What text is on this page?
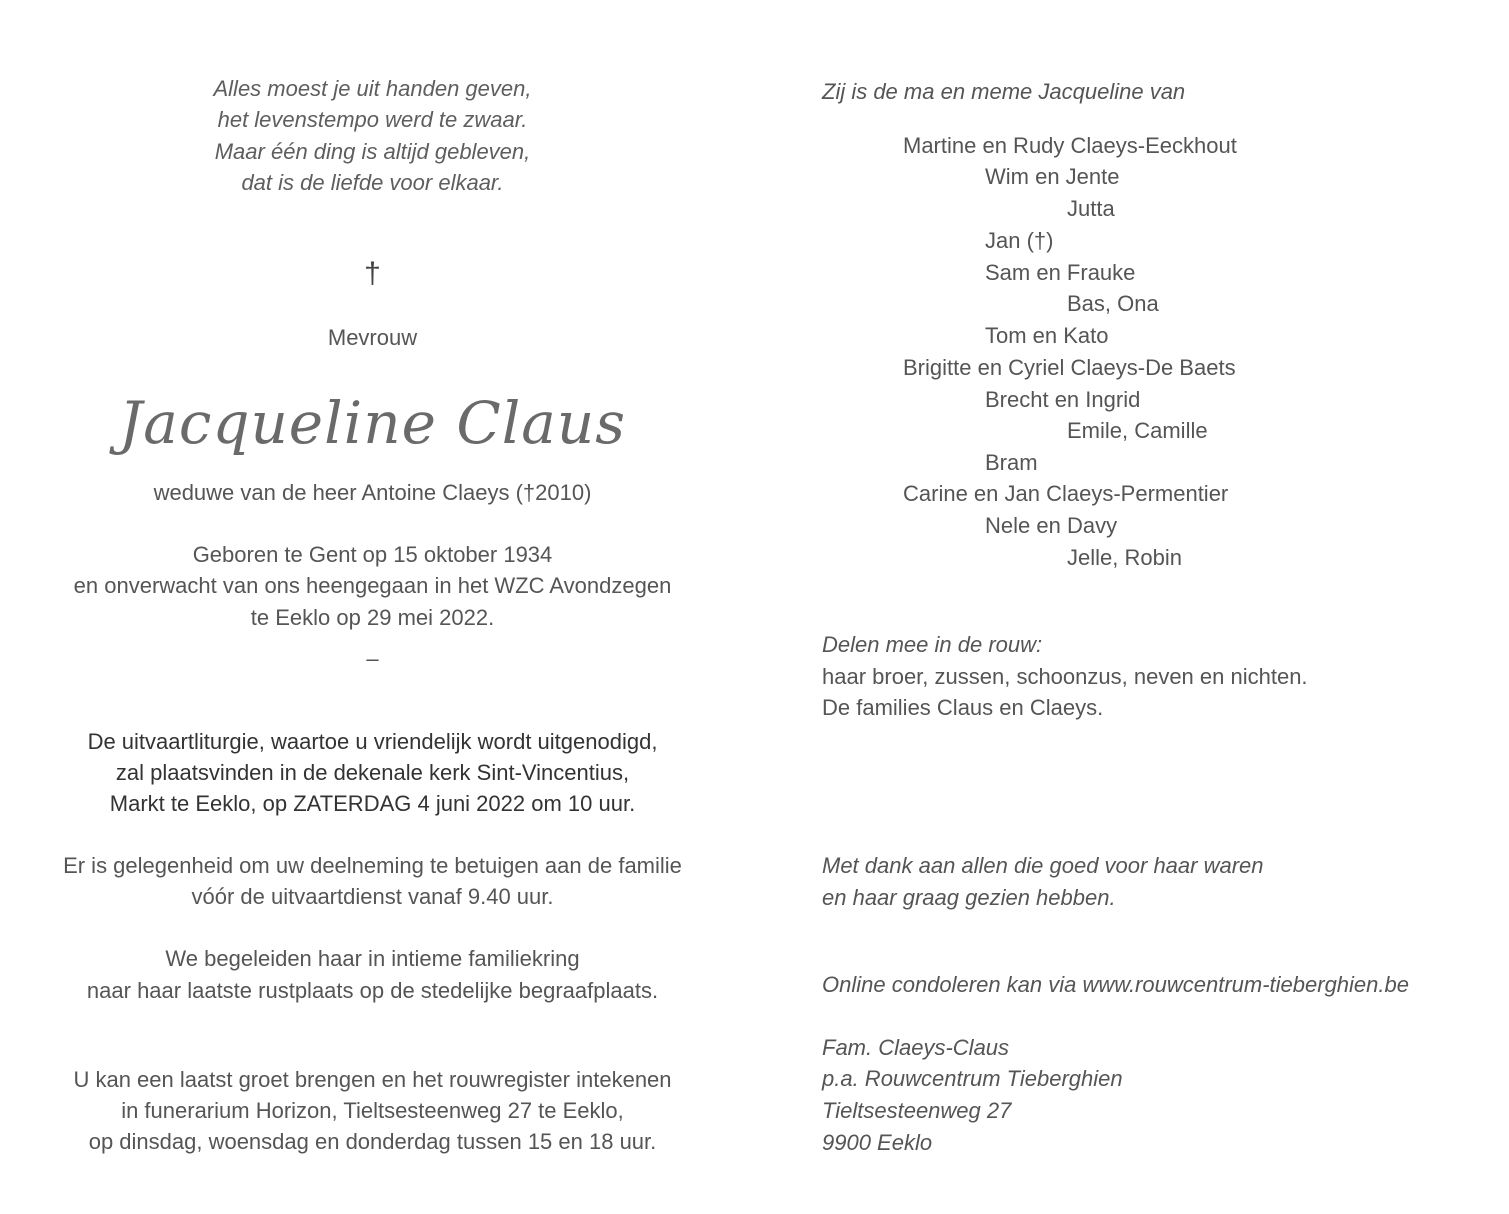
Alles moest je uit handen geven,
het levenstempo werd te zwaar.
Maar één ding is altijd gebleven,
dat is de liefde voor elkaar.
†
Mevrouw
Jacqueline Claus
weduwe van de heer Antoine Claeys (†2010)
Geboren te Gent op 15 oktober 1934
en onverwacht van ons heengegaan in het WZC Avondzegen
te Eeklo op 29 mei 2022.
–
De uitvaartliturgie, waartoe u vriendelijk wordt uitgenodigd,
zal plaatsvinden in de dekenale kerk Sint-Vincentius,
Markt te Eeklo, op ZATERDAG 4 juni 2022 om 10 uur.
Er is gelegenheid om uw deelneming te betuigen aan de familie
vóór de uitvaartdienst vanaf 9.40 uur.
We begeleiden haar in intieme familiekring
naar haar laatste rustplaats op de stedelijke begraafplaats.
U kan een laatst groet brengen en het rouwregister intekenen
in funerarium Horizon, Tieltsesteenweg 27 te Eeklo,
op dinsdag, woensdag en donderdag tussen 15 en 18 uur.
Zij is de ma en meme Jacqueline van
Martine en Rudy Claeys-Eeckhout
Wim en Jente
Jutta
Jan (†)
Sam en Frauke
Bas, Ona
Tom en Kato
Brigitte en Cyriel Claeys-De Baets
Brecht en Ingrid
Emile, Camille
Bram
Carine en Jan Claeys-Permentier
Nele en Davy
Jelle, Robin
Delen mee in de rouw:
haar broer, zussen, schoonzus, neven en nichten.
De families Claus en Claeys.
Met dank aan allen die goed voor haar waren
en haar graag gezien hebben.
Online condoleren kan via www.rouwcentrum-tieberghien.be
Fam. Claeys-Claus
p.a. Rouwcentrum Tieberghien
Tieltsesteenweg 27
9900 Eeklo
